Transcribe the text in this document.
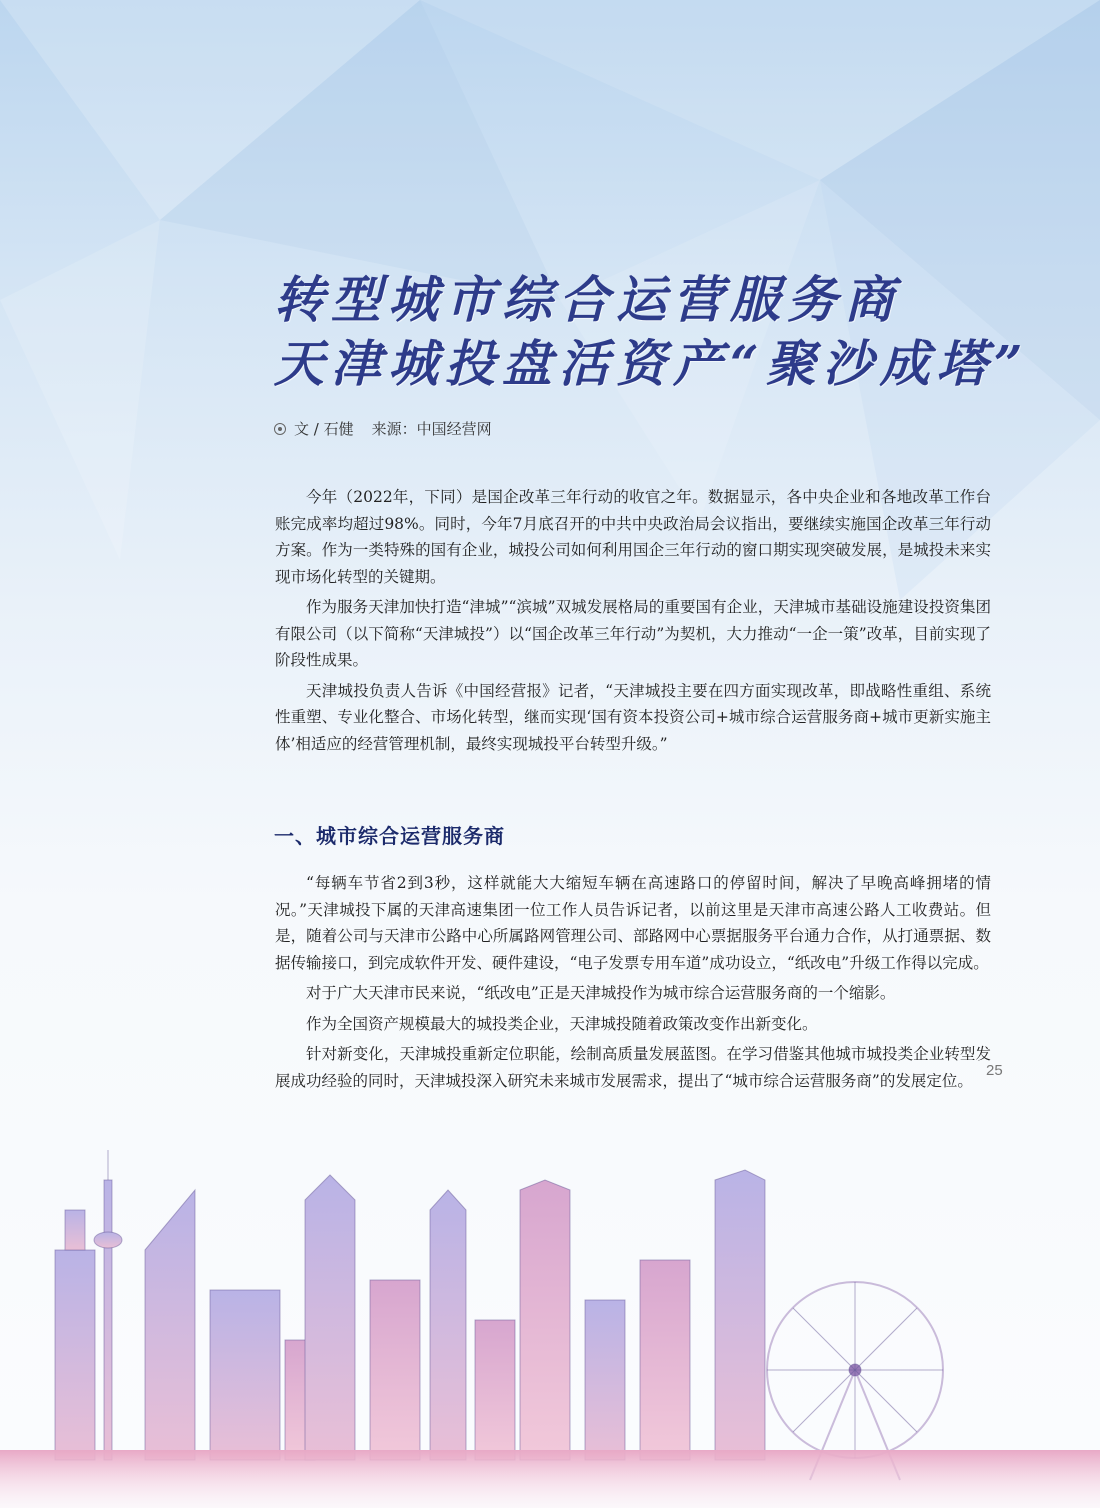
转型城市综合运营服务商
天津城投盘活资产“聚沙成塔”
文 / 石健 来源：中国经营网

今年（2022年，下同）是国企改革三年行动的收官之年。数据显示，各中央企业和各地改革工作台账完成率均超过98%。同时，今年7月底召开的中共中央政治局会议指出，要继续实施国企改革三年行动方案。作为一类特殊的国有企业，城投公司如何利用国企三年行动的窗口期实现突破发展，是城投未来实现市场化转型的关键期。

作为服务天津加快打造“津城”“滨城”双城发展格局的重要国有企业，天津城市基础设施建设投资集团有限公司（以下简称“天津城投”）以“国企改革三年行动”为契机，大力推动“一企一策”改革，目前实现了阶段性成果。

天津城投负责人告诉《中国经营报》记者，“天津城投主要在四方面实现改革，即战略性重组、系统性重塑、专业化整合、市场化转型，继而实现‘国有资本投资公司+城市综合运营服务商+城市更新实施主体’相适应的经营管理机制，最终实现城投平台转型升级。”

一、城市综合运营服务商

“每辆车节省2到3秒，这样就能大大缩短车辆在高速路口的停留时间，解决了早晚高峰拥堵的情况。”天津城投下属的天津高速集团一位工作人员告诉记者，以前这里是天津市高速公路人工收费站。但是，随着公司与天津市公路中心所属路网管理公司、部路网中心票据服务平台通力合作，从打通票据、数据传输接口，到完成软件开发、硬件建设，“电子发票专用车道”成功设立，“纸改电”升级工作得以完成。

对于广大天津市民来说，“纸改电”正是天津城投作为城市综合运营服务商的一个缩影。

作为全国资产规模最大的城投类企业，天津城投随着政策改变作出新变化。

针对新变化，天津城投重新定位职能，绘制高质量发展蓝图。在学习借鉴其他城市城投类企业转型发展成功经验的同时，天津城投深入研究未来城市发展需求，提出了“城市综合运营服务商”的发展定位。

25
